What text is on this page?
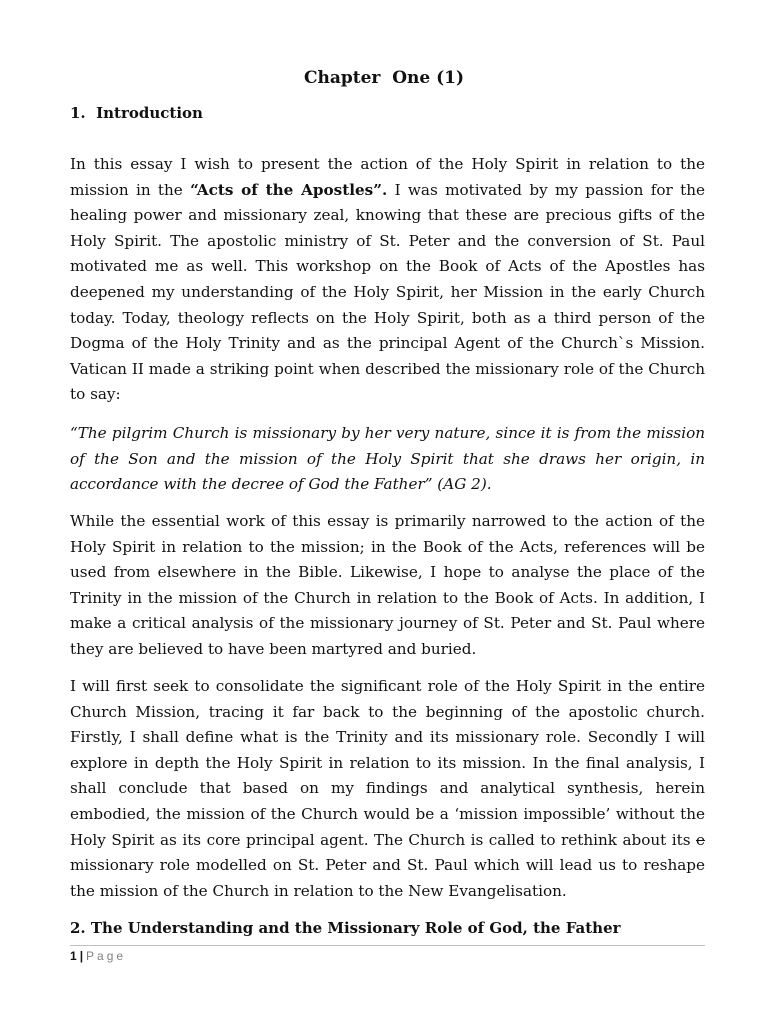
Chapter  One (1)
1.  Introduction

In this essay I wish to present the action of the Holy Spirit in relation to the mission in the “Acts of the Apostles”. I was motivated by my passion for the healing power and missionary zeal, knowing that these are precious gifts of the Holy Spirit. The apostolic ministry of St. Peter and the conversion of St. Paul motivated me as well. This workshop on the Book of Acts of the Apostles has deepened my understanding of the Holy Spirit, her Mission in the early Church today. Today, theology reflects on the Holy Spirit, both as a third person of the Dogma of the Holy Trinity and as the principal Agent of the Church`s Mission. Vatican II made a striking point when described the missionary role of the Church to say:

“The pilgrim Church is missionary by her very nature, since it is from the mission of the Son and the mission of the Holy Spirit that she draws her origin, in accordance with the decree of God the Father” (AG 2).

While the essential work of this essay is primarily narrowed to the action of the Holy Spirit in relation to the mission; in the Book of the Acts, references will be used from elsewhere in the Bible. Likewise, I hope to analyse the place of the Trinity in the mission of the Church in relation to the Book of Acts. In addition, I make a critical analysis of the missionary journey of St. Peter and St. Paul where they are believed to have been martyred and buried.

I will first seek to consolidate the significant role of the Holy Spirit in the entire Church Mission, tracing it far back to the beginning of the apostolic church. Firstly, I shall define what is the Trinity and its missionary role. Secondly I will explore in depth the Holy Spirit in relation to its mission. In the final analysis, I shall conclude that based on my findings and analytical synthesis, herein embodied, the mission of the Church would be a ‘mission impossible’ without the Holy Spirit as its core principal agent. The Church is called to rethink about its e missionary role modelled on St. Peter and St. Paul which will lead us to reshape the mission of the Church in relation to the New Evangelisation.

2. The Understanding and the Missionary Role of God, the Father
1 | Page
